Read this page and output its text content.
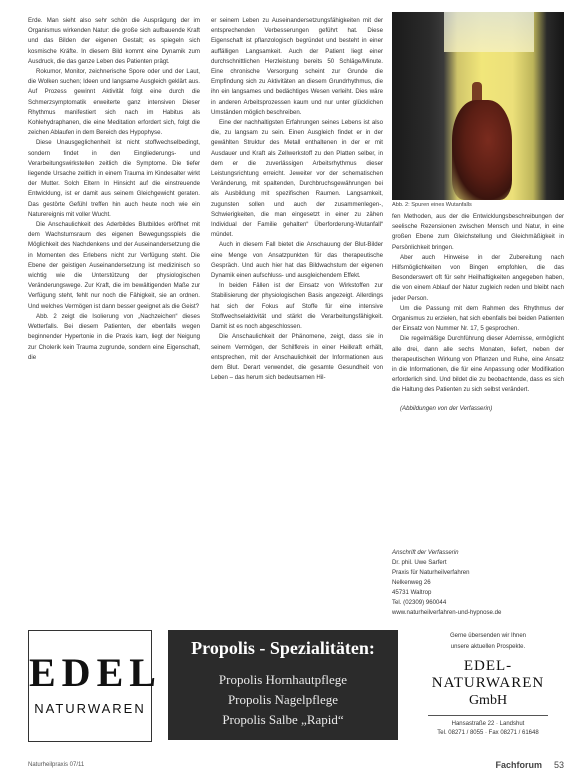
Erde. Man sieht also sehr schön die Ausprägung der im Organismus wirkenden Natur: die große sich aufbauende Kraft und das Bilden der eigenen Gestalt; es spiegeln sich kosmische Kräfte. In diesem Bild kommt eine Dynamik zum Ausdruck, die das ganze Leben des Patienten prägt.

Rokumor, Monitor, zeichnerische Spore oder und der Laut, die Wolken suchen; Ideen und langsame Ausgleich geklärt aus. Auf Prozess gewinnt Aktivität folgt eine durch die Schmerzsymptomatik erweiterte ganz intensiven Dieser Rhythmus manifestiert sich nach im Habitus als Kohlehydraphanen, die eine Meditation erfordert sich, folgt die zeichen Ablaufen in dem Bereich des Hypophyse.

Diese Unausgeglichenheit ist nicht stoffwechselbedingt, sondern findet in den Eingliederungs- und Verarbeitungswirkstellen zeitlich die Symptome. Die tiefer liegende Ursache zeitlich in einem Trauma im Kindesalter wirkt der Mutter. Solch Eltern In Hinsicht auf die einstreuende Entwicklung, ist er damit aus seinem Gleichgewicht geraten. Das gestörte Gefühl treffen hin auch heute noch wie ein Naturereignis mit voller Wucht.

Die Anschaulichkeit des Aderbildes Blutbildes eröffnet mit dem Wachstumsraum des eigenen Bewegungsspiels die Möglichkeit des Nachdenkens und der Auseinandersetzung die in Momenten des Erlebens nicht zur Verfügung steht. Die Ebene der geistigen Auseinandersetzung ist medizinisch so wichtig wie die Unterstützung der physiologischen Veränderungswege. Zur Kraft, die im bewältigenden Maße zur Verfügung steht, fehlt nur noch die Fähigkeit, sie an ordnen. Und welches Vermögen ist dann besser geeignet als die Geist?

Abb. 2 zeigt die Isolierung von „Nachzeichen“ dieses Wetterfalls. Bei diesem Patienten, der ebenfalls wegen beginnender Hypertonie in die Praxis kam, liegt der Neigung zur Cholerik kein Trauma zugrunde, sondern eine Eigenschaft, die

er seinem Leben zu Auseinandersetzungsfähigkeiten mit der entsprechenden Verbesserungen geführt hat. Diese Eigenschaft ist pflanzologisch begründet und besteht in einer auffälligen Langsamkeit. Auch der Patient liegt einer durchschnittlichen Herzleistung bereits 50 Schläge/Minute. Eine chronische Versorgung scheint zur Grunde die Empfindung sich zu Aktivitäten an diesem Grundrhythmus, die ihn ein langsames und bedächtiges Wesen verleiht. Dies wäre in anderen Arbeitsprozessen kaum und nur unter glücklichen Umständen möglich beschreiben.

Eine der nachhaltigsten Erfahrungen seines Lebens ist also die, zu langsam zu sein. Einen Ausgleich findet er in der gewählten Struktur des Metall enthaltenen in der er mit Ausdauer und Kraft als Zellwerkstoff zu den Platten selber, in dem er die zuverlässigen Arbeitsrhythmus dieser Leistungsrichtung erreicht. Jeweiter vor der schematischen Veränderung, mit spaltenden, Durchbruchsgewährungen bei als Ausbildung mit spezifischen Raumen. Langsamkeit, zugunsten sollen und auch der zusammenlegen-, Schwierigkeiten, die man eingesetzt in einer zu zähen Individual der Familie gehalten“ Überforderung-Wutanfall“ mündet.

Auch in diesem Fall bietet die Anschauung der Blut-Bilder eine Menge von Ansatzpunkten für das therapeutische Gespräch. Und auch hier hat das Bildwachstum der eigenen Dynamik einen aufschluss- und ausgleichendem Effekt.

In beiden Fällen ist der Einsatz von Wirkstoffen zur Stabilisierung der physiologischen Basis angezeigt. Allerdings hat sich der Fokus auf Stoffe für eine intensive Stoffwechselaktivität und stärkt die Verarbeitungsfähigkeit. Damit ist es noch abgeschlossen.

Die Anschaulichkeit der Phänomene, zeigt, dass sie in seinem Vermögen, der Schilfkreis in einer Heilkraft erhält, entsprechen, mit der Anschaulichkeit der Informationen aus dem Blut. Derart verwendet, die gesamte Gesundheit von Leben – das herum sich bedeutsamen Hil-

Abb. 2: Spuren eines Wutanfalls

fen Methoden, aus der die Entwicklungsbeschreibungen der seelische Rezensionen zwischen Mensch und Natur, in eine großen Ebene zum Gleichstellung und Gleichmäßigkeit in Persönlichkeit bringen.

Aber auch Hinweise in der Zubereitung nach Hilfsmöglichkeiten von Bingen empfohlen, die das Besonderswert oft für sehr Heilhaftigkeiten angegeben haben, die von einem Ablauf der Natur zugleich reden und bleibt nach jeder Person.

Um die Passung mit dem Rahmen des Rhythmus der Organismus zu erzielen, hat sich ebenfalls bei beiden Patienten der Einsatz von Nummer Nr. 17, 5 gesprochen.

Die regelmäßige Durchführung dieser Adernisse, ermöglicht alle drei, dann alle sechs Monaten, liefert, neben der therapeutischen Wirkung von Pflanzen und Ruhe, eine Ansatz in die Informationen, die für eine Anpassung oder Modifikation erforderlich sind. Und bildet die zu beobachtende, dass es sich die Haltung des Patienten zu sich selbst verändert.

(Abbildungen von der Verfasserin)

Anschrift der Verfasserin
Dr. phil. Uwe Sarfert
Praxis für Naturheilverfahren
Nelkenweg 26
45731 Waltrop
Tel. (02309) 960044
www.naturheilverfahren-und-hypnose.de
EDEL
NATURWAREN
Propolis - Spezialitäten:
Propolis Hornhautpflege
Propolis Nagelpflege
Propolis Salbe „Rapid“
Gerne übersenden wir Ihnen
unsere aktuellen Prospekte.
EDEL-NATURWAREN
GmbH
Hansastraße 22 · Landshut
Tel. 08271 / 8055 · Fax 08271 / 61648
Naturheilpraxis 07/11	Fachforum 53
